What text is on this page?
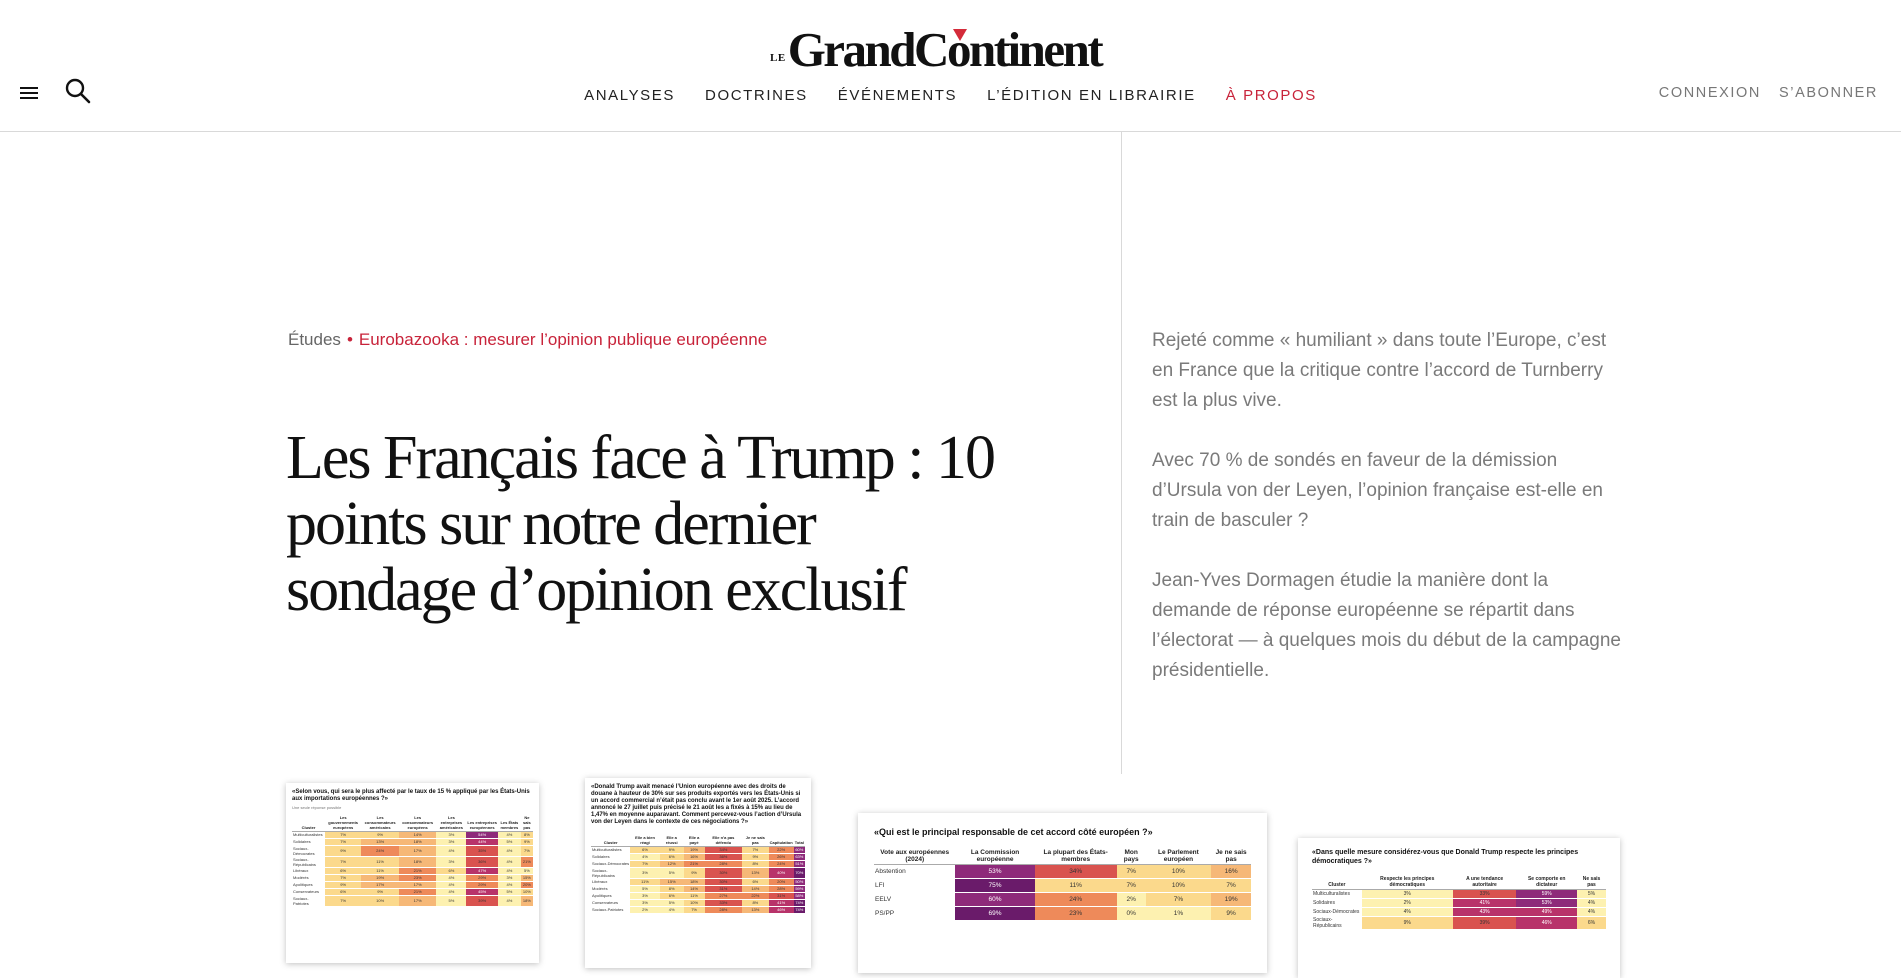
LE GrandContinent
ANALYSES DOCTRINES ÉVÉNEMENTS L’ÉDITION EN LIBRAIRIE À PROPOS	CONNEXION S’ABONNER
Études • Eurobazooka : mesurer l’opinion publique européenne
Les Français face à Trump : 10 points sur notre dernier sondage d’opinion exclusif

Rejeté comme « humiliant » dans toute l’Europe, c’est en France que la critique contre l’accord de Turnberry est la plus vive.

Avec 70 % de sondés en faveur de la démission d’Ursula von der Leyen, l’opinion française est-elle en train de basculer ?

Jean-Yves Dormagen étudie la manière dont la demande de réponse européenne se répartit dans l’électorat — à quelques mois du début de la campagne présidentielle.

«Selon vous, qui sera le plus affecté par le taux de 15 % appliqué par les États-Unis aux importations européennes ?»
Une seule réponse possible
Cluster	Les gouvernements européens	Les consommateurs américains	Les consommateurs européens	Les entreprises américaines	Les entreprises européennes	Les États membres	Ne sais pas
Multiculturalistes	7%	9%	14%	3%	54%	4%	8%
Solidaires	7%	13%	18%	3%	44%	5%	9%
Sociaux-Démocrates	9%	24%	17%	4%	35%	4%	7%
Sociaux-Républicains	7%	11%	18%	3%	36%	4%	21%
Libéraux	6%	11%	21%	6%	47%	4%	5%
Modérés	7%	19%	23%	4%	29%	3%	15%
Apolitiques	9%	17%	17%	4%	29%	4%	20%
Conservateurs	6%	9%	21%	4%	45%	5%	10%
Sociaux-Patriotes	7%	10%	17%	5%	39%	4%	18%
«Donald Trump avait menacé l’Union européenne avec des droits de douane à hauteur de 30% sur ses produits exportés vers les États-Unis si un accord commercial n’était pas conclu avant le 1er août 2025. L’accord annoncé le 27 juillet puis précisé le 21 août les a fixés à 15% au lieu de 1,47% en moyenne auparavant. Comment percevez-vous l’action d’Ursula von der Leyen dans le contexte de ces négociations ?»
Cluster	Elle a bien réagi	Elle a réussi	Elle a payé	Elle n’a pas défendu	Je ne sais pas	Capitulation	Total
Multiculturalistes	6%	9%	19%	34%	7%	22%	60%
Solidaires	4%	6%	16%	36%	9%	26%	63%
Sociaux-Démocrates	7%	12%	21%	28%	8%	24%	51%
Sociaux-Républicains	3%	5%	9%	30%	13%	40%	70%
Libéraux	11%	15%	18%	30%	6%	20%	50%
Modérés	5%	8%	14%	31%	14%	28%	59%
Apolitiques	3%	6%	11%	27%	22%	31%	58%
Conservateurs	3%	5%	10%	33%	8%	41%	74%
Sociaux-Patriotes	2%	4%	7%	28%	13%	46%	74%
«Qui est le principal responsable de cet accord côté européen ?»
Vote aux européennes (2024)	La Commission européenne	La plupart des États-membres	Mon pays	Le Parlement européen	Je ne sais pas
Abstention	53%	34%	7%	10%	16%
LFI	75%	11%	7%	10%	7%
EELV	60%	24%	2%	7%	19%
PS/PP	69%	23%	0%	1%	9%
«Dans quelle mesure considérez-vous que Donald Trump respecte les principes démocratiques ?»
Cluster	Respecte les principes démocratiques	A une tendance autoritaire	Se comporte en dictateur	Ne sais pas
Multiculturalistes	3%	33%	59%	5%
Solidaires	2%	41%	53%	4%
Sociaux-Démocrates	4%	43%	49%	4%
Sociaux-Républicains	9%	39%	46%	6%
